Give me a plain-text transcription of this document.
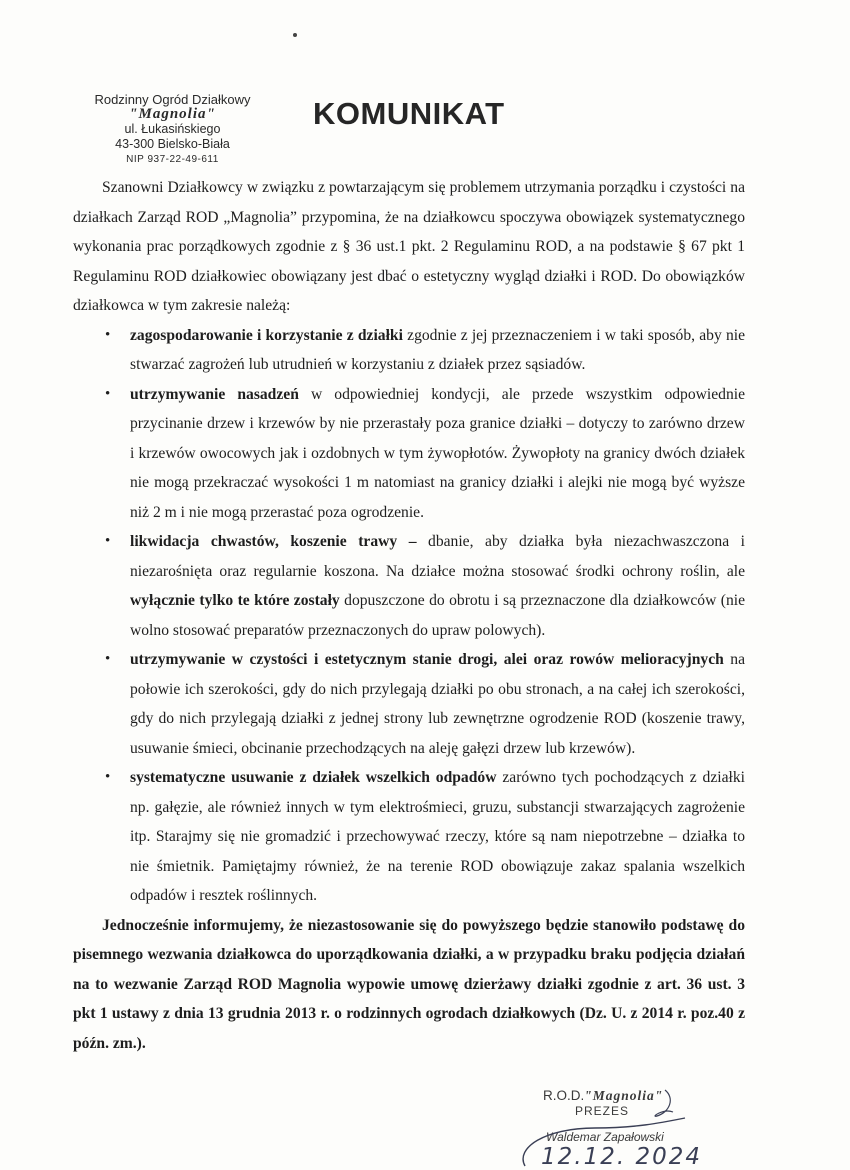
Rodzinny Ogród Działkowy
"Magnolia"
ul. Łukasińskiego
43-300 Bielsko-Biała
NIP 937-22-49-611
KOMUNIKAT

Szanowni Działkowcy w związku z powtarzającym się problemem utrzymania porządku i czystości na działkach Zarząd ROD „Magnolia” przypomina, że na działkowcu spoczywa obowiązek systematycznego wykonania prac porządkowych zgodnie z § 36 ust.1 pkt. 2 Regulaminu ROD, a na podstawie § 67 pkt 1 Regulaminu ROD działkowiec obowiązany jest dbać o estetyczny wygląd działki i ROD. Do obowiązków działkowca w tym zakresie należą:

• zagospodarowanie i korzystanie z działki zgodnie z jej przeznaczeniem i w taki sposób, aby nie stwarzać zagrożeń lub utrudnień w korzystaniu z działek przez sąsiadów.
• utrzymywanie nasadzeń w odpowiedniej kondycji, ale przede wszystkim odpowiednie przycinanie drzew i krzewów by nie przerastały poza granice działki – dotyczy to zarówno drzew i krzewów owocowych jak i ozdobnych w tym żywopłotów. Żywopłoty na granicy dwóch działek nie mogą przekraczać wysokości 1 m natomiast na granicy działki i alejki nie mogą być wyższe niż 2 m i nie mogą przerastać poza ogrodzenie.
• likwidacja chwastów, koszenie trawy – dbanie, aby działka była niezachwaszczona i niezarośnięta oraz regularnie koszona. Na działce można stosować środki ochrony roślin, ale wyłącznie tylko te które zostały dopuszczone do obrotu i są przeznaczone dla działkowców (nie wolno stosować preparatów przeznaczonych do upraw polowych).
• utrzymywanie w czystości i estetycznym stanie drogi, alei oraz rowów melioracyjnych na połowie ich szerokości, gdy do nich przylegają działki po obu stronach, a na całej ich szerokości, gdy do nich przylegają działki z jednej strony lub zewnętrzne ogrodzenie ROD (koszenie trawy, usuwanie śmieci, obcinanie przechodzących na aleję gałęzi drzew lub krzewów).
• systematyczne usuwanie z działek wszelkich odpadów zarówno tych pochodzących z działki np. gałęzie, ale również innych w tym elektrośmieci, gruzu, substancji stwarzających zagrożenie itp. Starajmy się nie gromadzić i przechowywać rzeczy, które są nam niepotrzebne – działka to nie śmietnik. Pamiętajmy również, że na terenie ROD obowiązuje zakaz spalania wszelkich odpadów i resztek roślinnych.

Jednocześnie informujemy, że niezastosowanie się do powyższego będzie stanowiło podstawę do pisemnego wezwania działkowca do uporządkowania działki, a w przypadku braku podjęcia działań na to wezwanie Zarząd ROD Magnolia wypowie umowę dzierżawy działki zgodnie z art. 36 ust. 3 pkt 1 ustawy z dnia 13 grudnia 2013 r. o rodzinnych ogrodach działkowych (Dz. U. z 2014 r. poz.40 z późn. zm.).

R.O.D."Magnolia"
PREZES
Waldemar Zapałowski
12.12. 2024
